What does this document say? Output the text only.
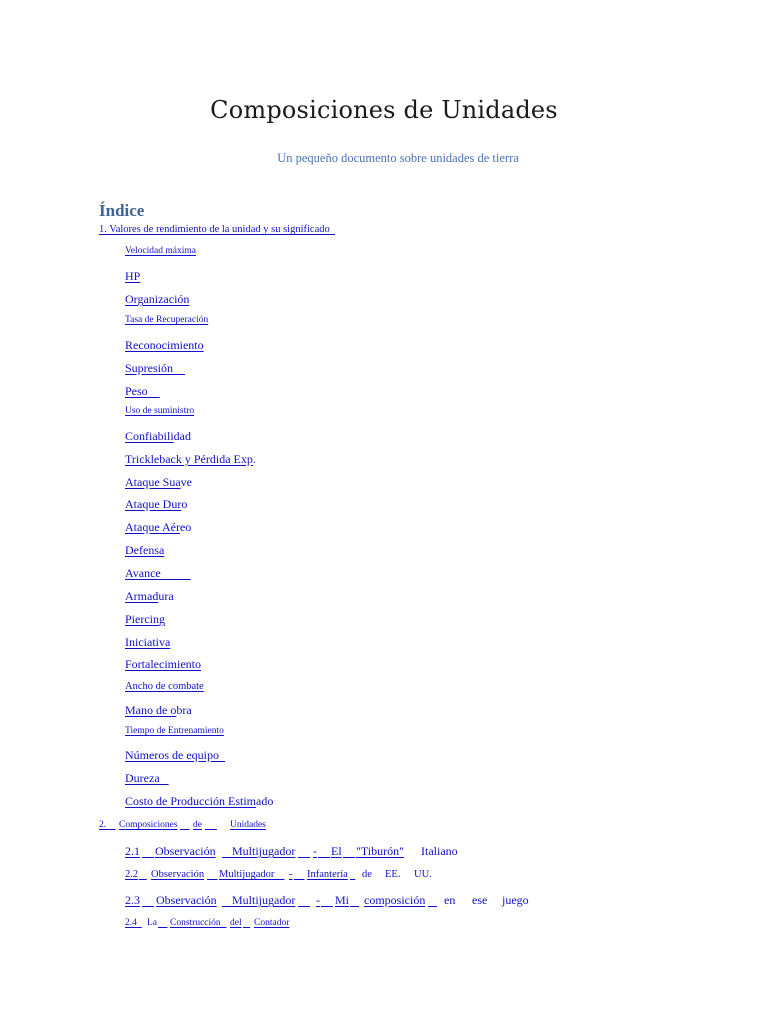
Composiciones de Unidades
Un pequeño documento sobre unidades de tierra
Índice
1. Valores de rendimiento de la unidad y su significado
Velocidad máxima
HP
Organización
Tasa de Recuperación
Reconocimiento
Supresión
Peso
Uso de suministro
Confiabilidad
Trickleback y Pérdida Exp.
Ataque Suave
Ataque Duro
Ataque Aéreo
Defensa
Avance
Armadura
Piercing
Iniciativa
Fortalecimiento
Ancho de combate
Mano de obra
Tiempo de Entrenamiento
Números de equipo
Dureza
Costo de Producción Estimado
2.
Composiciones
de
	Unidades
2.1
Observación
Multijugador
-
El
"Tiburón" Italiano
2.2
Observación
Multijugador
-
Infantería
de EE. UU.
2.3
Observación
Multijugador
-
Mi
composición
en ese juego
2.4
La
Construcción
del
Contador
